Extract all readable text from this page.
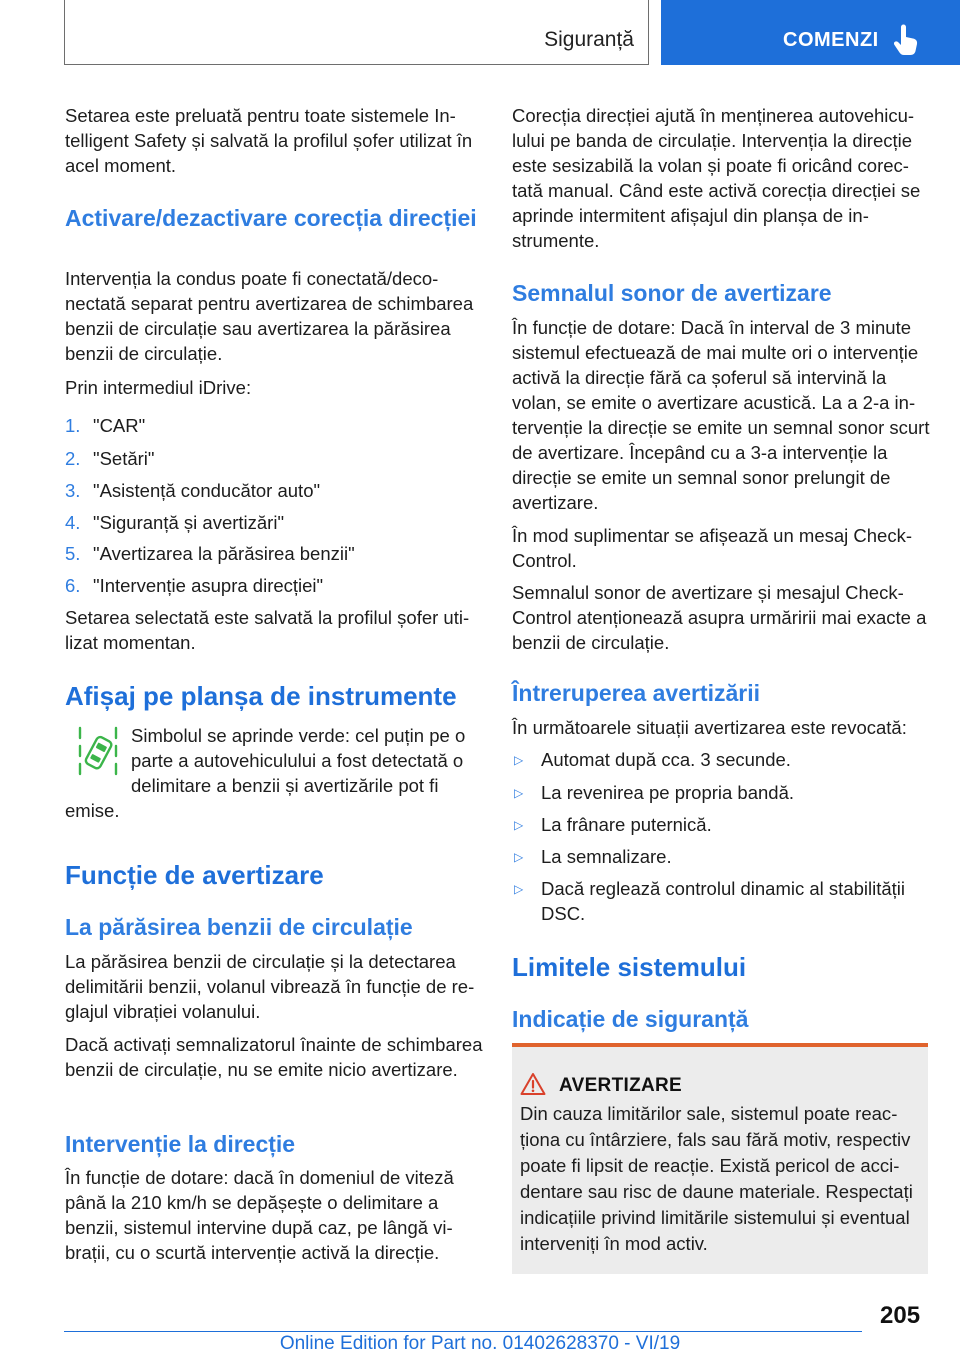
Siguranță	COMENZI
Setarea este preluată pentru toate sistemele Intelligent Safety și salvată la profilul șofer utilizat în acel moment.
Activare/dezactivare corecția direcției
Intervenția la condus poate fi conectată/deconectată separat pentru avertizarea de schimbarea benzii de circulație sau avertizarea la părăsirea benzii de circulație.
Prin intermediul iDrive:
1. "CAR"
2. "Setări"
3. "Asistență conducător auto"
4. "Siguranță și avertizări"
5. "Avertizarea la părăsirea benzii"
6. "Intervenție asupra direcției"
Setarea selectată este salvată la profilul șofer utilizat momentan.
Afișaj pe planșa de instrumente
Simbolul se aprinde verde: cel puțin pe o parte a autovehiculului a fost detectată o delimitare a benzii și avertizările pot fi
emise.
Funcție de avertizare
La părăsirea benzii de circulație
La părăsirea benzii de circulație și la detectarea delimitării benzii, volanul vibrează în funcție de reglajul vibrației volanului.
Dacă activați semnalizatorul înainte de schimbarea benzii de circulație, nu se emite nicio avertizare.
Intervenție la direcție
În funcție de dotare: dacă în domeniul de viteză până la 210 km/h se depășește o delimitare a benzii, sistemul intervine după caz, pe lângă vibrații, cu o scurtă intervenție activă la direcție.
Corecția direcției ajută în menținerea autovehiculului pe banda de circulație. Intervenția la direcție este sesizabilă la volan și poate fi oricând corectată manual. Când este activă corecția direcției se aprinde intermitent afișajul din planșa de instrumente.
Semnalul sonor de avertizare
În funcție de dotare: Dacă în interval de 3 minute sistemul efectuează de mai multe ori o intervenție activă la direcție fără ca șoferul să intervină la volan, se emite o avertizare acustică. La a 2-a intervenție la direcție se emite un semnal sonor scurt de avertizare. Începând cu a 3-a intervenție la direcție se emite un semnal sonor prelungit de avertizare.
În mod suplimentar se afișează un mesaj Check-Control.
Semnalul sonor de avertizare și mesajul Check-Control atenționează asupra urmăririi mai exacte a benzii de circulație.
Întreruperea avertizării
În următoarele situații avertizarea este revocată:
▷ Automat după cca. 3 secunde.
▷ La revenirea pe propria bandă.
▷ La frânare puternică.
▷ La semnalizare.
▷ Dacă reglează controlul dinamic al stabilității DSC.
Limitele sistemului
Indicație de siguranță
AVERTIZARE
Din cauza limitărilor sale, sistemul poate reacționa cu întârziere, fals sau fără motiv, respectiv poate fi lipsit de reacție. Există pericol de accidentare sau risc de daune materiale. Respectați indicațiile privind limitările sistemului și eventual interveniți în mod activ.
205
Online Edition for Part no. 01402628370 - VI/19
